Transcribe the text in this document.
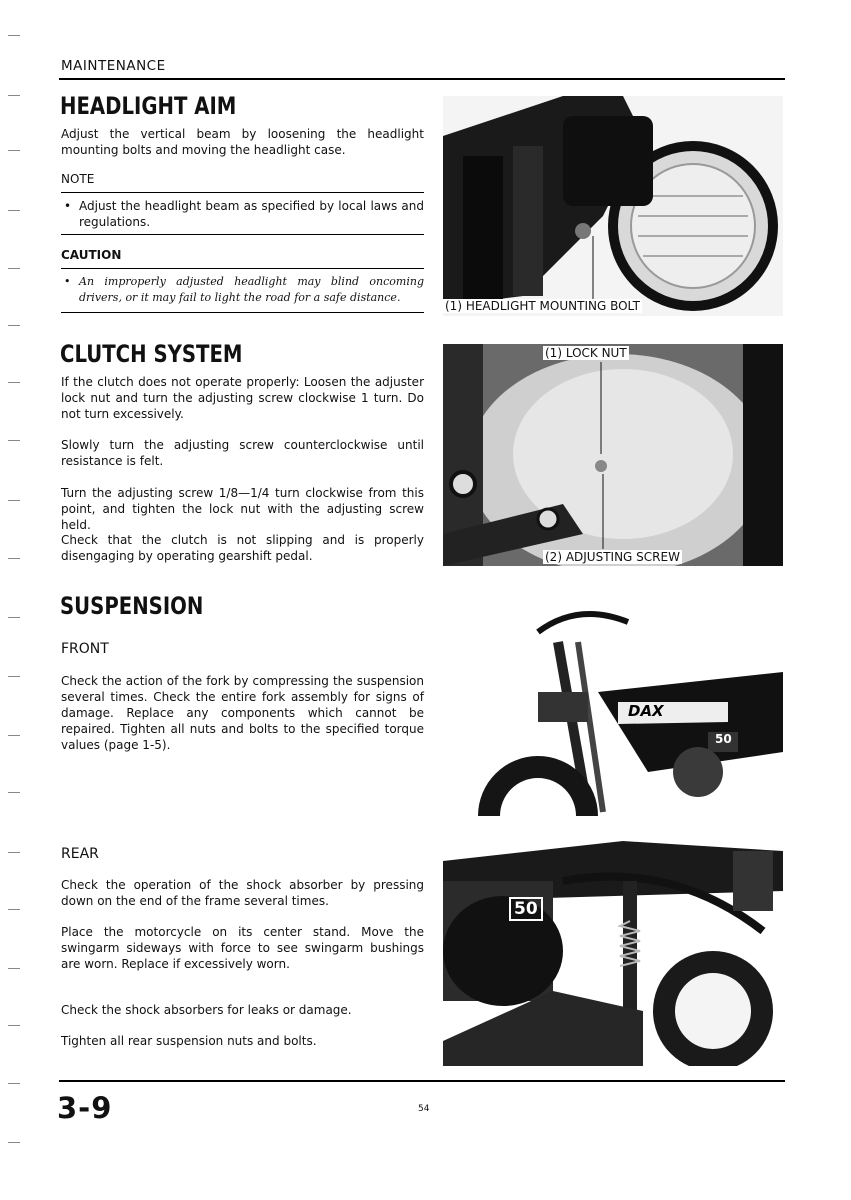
MAINTENANCE
HEADLIGHT AIM
Adjust the vertical beam by loosening the headlight mounting bolts and moving the headlight case.
NOTE
• Adjust the headlight beam as specified by local laws and regulations.
CAUTION
• An improperly adjusted headlight may blind oncoming drivers, or it may fail to light the road for a safe distance.
(1) HEADLIGHT MOUNTING BOLT
CLUTCH SYSTEM
If the clutch does not operate properly: Loosen the adjuster lock nut and turn the adjusting screw clockwise 1 turn. Do not turn excessively.
Slowly turn the adjusting screw counterclockwise until resistance is felt.
Turn the adjusting screw 1/8—1/4 turn clockwise from this point, and tighten the lock nut with the adjusting screw held.
Check that the clutch is not slipping and is properly disengaging by operating gearshift pedal.
(1) LOCK NUT
(2) ADJUSTING SCREW
SUSPENSION
FRONT
Check the action of the fork by compressing the suspension several times. Check the entire fork assembly for signs of damage. Replace any components which cannot be repaired. Tighten all nuts and bolts to the specified torque values (page 1-5).
DAX
50
REAR
Check the operation of the shock absorber by pressing down on the end of the frame several times.
Place the motorcycle on its center stand. Move the swingarm sideways with force to see swingarm bushings are worn. Replace if excessively worn.
Check the shock absorbers for leaks or damage.
Tighten all rear suspension nuts and bolts.
50
3-9	54
